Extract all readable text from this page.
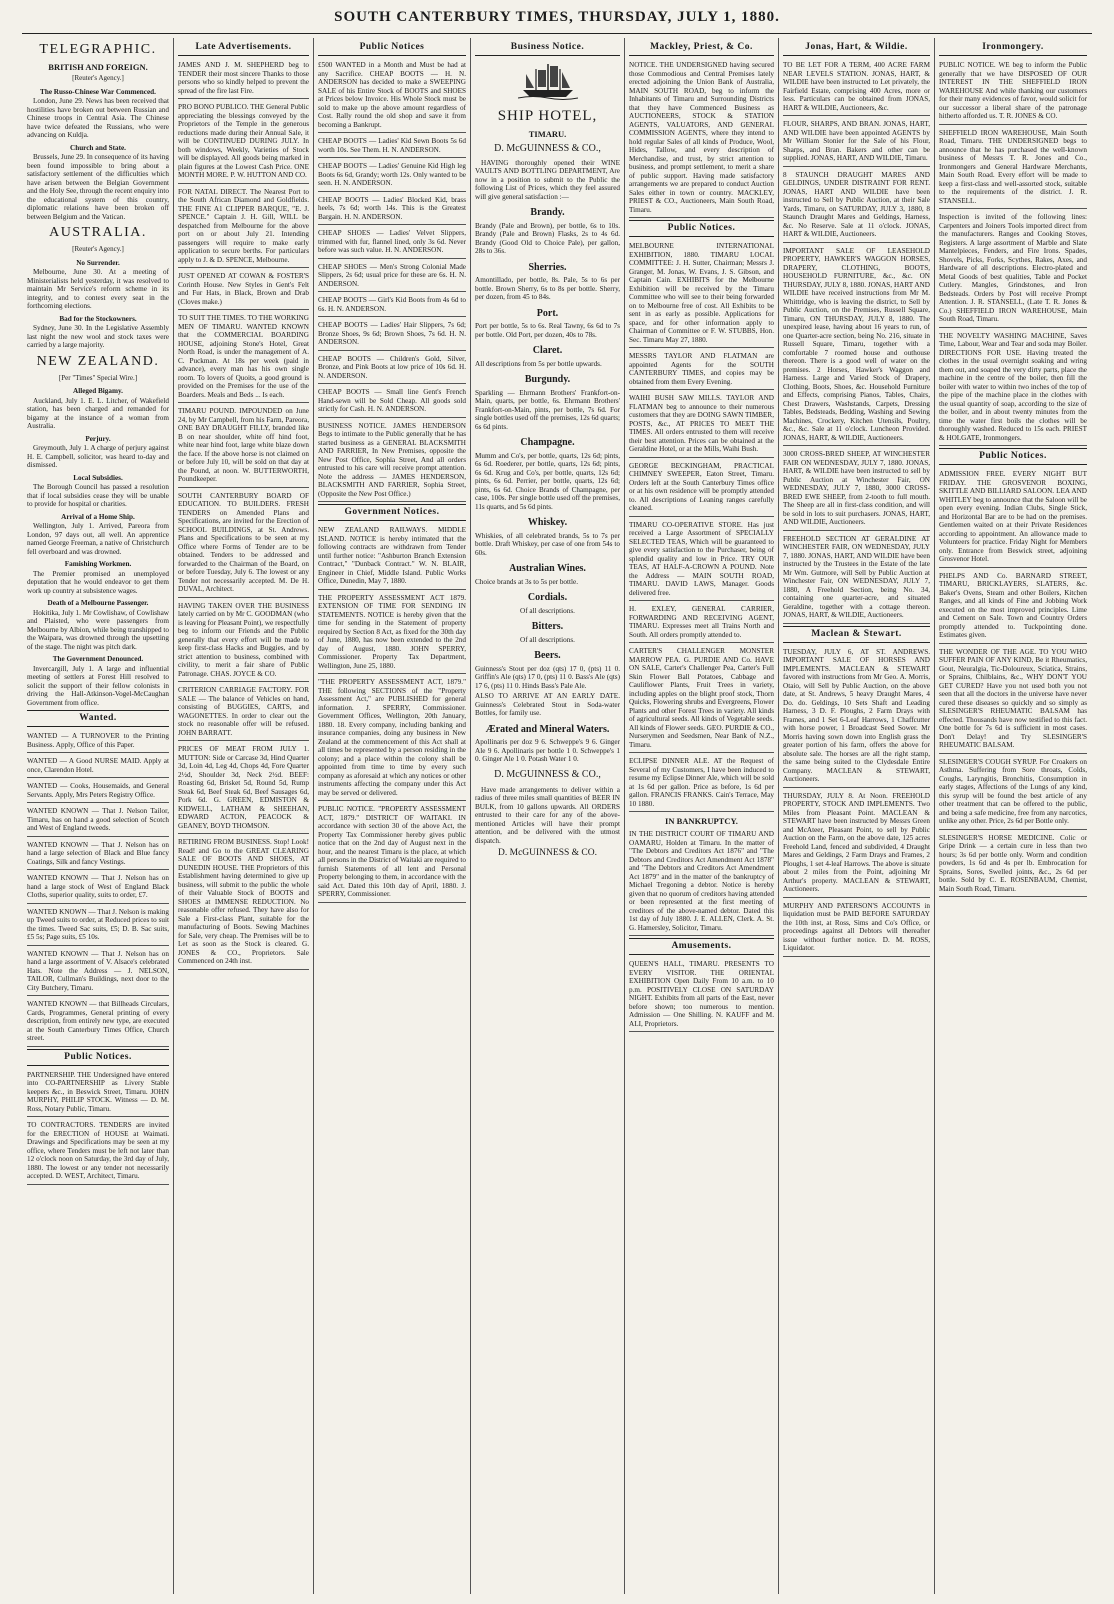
SOUTH CANTERBURY TIMES, THURSDAY, JULY 1, 1880.
TELEGRAPHIC.
BRITISH AND FOREIGN.
[Reuter's Agency.]
The Russo-Chinese War Commenced.

London, June 29. News has been received that hostilities have broken out between Russian and Chinese troops in Central Asia. The Chinese have twice defeated the Russians, who were advancing on Kuldja.

Church and State.

Brussels, June 29. In consequence of its having been found impossible to bring about a satisfactory settlement of the difficulties which have arisen between the Belgian Government and the Holy See, through the recent enquiry into the educational system of this country, diplomatic relations have been broken off between Belgium and the Vatican.

AUSTRALIA.
[Reuter's Agency.]
No Surrender.

Melbourne, June 30. At a meeting of Ministerialists held yesterday, it was resolved to maintain Mr Service's reform scheme in its integrity, and to contest every seat in the forthcoming elections.

Bad for the Stockowners.

Sydney, June 30. In the Legislative Assembly last night the new wool and stock taxes were carried by a large majority.

NEW ZEALAND.
[Per "Times" Special Wire.]
Alleged Bigamy.

Auckland, July 1. E. L. Litcher, of Wakefield station, has been charged and remanded for bigamy at the instance of a woman from Australia.

Perjury.

Greymouth, July 1. A charge of perjury against H. E. Campbell, solicitor, was heard to-day and dismissed.

Local Subsidies.

The Borough Council has passed a resolution that if local subsidies cease they will be unable to provide for hospital or charities.

Arrival of a Home Ship.

Wellington, July 1. Arrived, Pareora from London, 97 days out, all well. An apprentice named George Freeman, a native of Christchurch fell overboard and was drowned.

Famishing Workmen.

The Premier promised an unemployed deputation that he would endeavor to get them work up country at subsistence wages.

Death of a Melbourne Passenger.

Hokitika, July 1. Mr Cowlishaw, of Cowlishaw and Plaisted, who were passengers from Melbourne by Albion, while being transhipped to the Waipara, was drowned through the upsetting of the stage. The night was pitch dark.

The Government Denounced.

Invercargill, July 1. A large and influential meeting of settlers at Forest Hill resolved to solicit the support of their fellow colonists in driving the Hall-Atkinson-Vogel-McCaughan Government from office.

Wanted.
WANTED — A TURNOVER to the Printing Business. Apply, Office of this Paper.
WANTED — A Good NURSE MAID. Apply at once, Clarendon Hotel.
WANTED — Cooks, Housemaids, and General Servants. Apply, Mrs Peters Registry Office.
WANTED KNOWN — That J. Nelson Tailor, Timaru, has on hand a good selection of Scotch and West of England tweeds.
WANTED KNOWN — That J. Nelson has on hand a large selection of Black and Blue fancy Coatings, Silk and fancy Vestings.
WANTED KNOWN — That J. Nelson has on hand a large stock of West of England Black Cloths, superior quality, suits to order, £7.
WANTED KNOWN — That J. Nelson is making up Tweed suits to order, at Reduced prices to suit the times. Tweed Sac suits, £5; D. B. Sac suits, £5 5s; Page suits, £5 10s.
WANTED KNOWN — That J. Nelson has on hand a large assortment of V. Alsace's celebrated Hats. Note the Address — J. NELSON, TAILOR, Cullman's Buildings, next door to the City Butchery, Timaru.
WANTED KNOWN — that Billheads Circulars, Cards, Programmes, General printing of every description, from entirely new type, are executed at the South Canterbury Times Office, Church street.
Public Notices.
PARTNERSHIP. THE Undersigned have entered into CO-PARTNERSHIP as Livery Stable keepers &c., in Beswick Street, Timaru. JOHN MURPHY, PHILIP STOCK. Witness — D. M. Ross, Notary Public, Timaru.
TO CONTRACTORS. TENDERS are invited for the ERECTION of HOUSE at Waimati. Drawings and Specifications may be seen at my office, where Tenders must be left not later than 12 o'clock noon on Saturday, the 3rd day of July, 1880. The lowest or any tender not necessarily accepted. D. WEST, Architect, Timaru.
Late Advertisements.
JAMES AND J. M. SHEPHERD beg to TENDER their most sincere Thanks to those persons who so kindly helped to prevent the spread of the fire last Fire.
PRO BONO PUBLICO. THE General Public appreciating the blessings conveyed by the Proprietors of the Temple in the generous reductions made during their Annual Sale, it will be CONTINUED DURING JULY. In both windows, Weekly, Varieties of Stock will be displayed. All goods being marked in plain figures at the Lowest Cash Price. ONE MONTH MORE. P. W. HUTTON AND CO.
FOR NATAL DIRECT. The Nearest Port to the South African Diamond and Goldfields. THE FINE A1 CLIPPER BARQUE, "E. J. SPENCE." Captain J. H. Gill, WILL be despatched from Melbourne for the above port on or about July 21. Intending passengers will require to make early application to secure berths. For particulars apply to J. & D. SPENCE, Melbourne.
JUST OPENED AT COWAN & FOSTER'S Corinth House. New Styles in Gent's Felt and Fur Hats, in Black, Brown and Drab (Cloves make.)
TO SUIT THE TIMES. TO THE WORKING MEN OF TIMARU. WANTED KNOWN that the COMMERCIAL BOARDING HOUSE, adjoining Stone's Hotel, Great North Road, is under the management of A. C. Puckman. At 18s per week (paid in advance), every man has his own single room. To lovers of Quoits, a good ground is provided on the Premises for the use of the Boarders. Meals and Beds ... Is each.
TIMARU POUND. IMPOUNDED on June 24, by Mr Campbell, from his Farm, Pareora, ONE BAY DRAUGHT FILLY, branded like B on near shoulder, white off hind foot, white near hind foot, large white blaze down the face. If the above horse is not claimed on or before July 10, will be sold on that day at the Pound, at noon. W. BUTTERWORTH, Poundkeeper.
SOUTH CANTERBURY BOARD OF EDUCATION. TO BUILDERS. FRESH TENDERS on Amended Plans and Specifications, are invited for the Erection of SCHOOL BUILDINGS, at St. Andrews. Plans and Specifications to be seen at my Office where Forms of Tender are to be obtained. Tenders to be addressed and forwarded to the Chairman of the Board, on or before Tuesday, July 6. The lowest or any Tender not necessarily accepted. M. De H. DUVAL, Architect.
HAVING TAKEN OVER THE BUSINESS lately carried on by Mr C. GOODMAN (who is leaving for Pleasant Point), we respectfully beg to inform our Friends and the Public generally that every effort will be made to keep first-class Hacks and Buggies, and by strict attention to business, combined with civility, to merit a fair share of Public Patronage. CHAS. JOYCE & CO.
CRITERION CARRIAGE FACTORY. FOR SALE — The balance of Vehicles on hand, consisting of BUGGIES, CARTS, and WAGONETTES. In order to clear out the stock no reasonable offer will be refused. JOHN BARRATT.
PRICES OF MEAT FROM JULY 1. MUTTON: Side or Carcase 3d, Hind Quarter 3d, Loin 4d, Leg 4d, Chops 4d, Fore Quarter 2½d, Shoulder 3d, Neck 2½d. BEEF: Roasting 6d, Brisket 5d, Round 5d, Rump Steak 6d, Beef Steak 6d, Beef Sausages 6d, Pork 6d. G. GREEN, EDMISTON & KIDWELL, LATHAM & SHEEHAN, EDWARD ACTON, PEACOCK & GEANEY, BOYD THOMSON.
RETIRING FROM BUSINESS. Stop! Look! Read! and Go to the GREAT CLEARING SALE OF BOOTS AND SHOES, AT DUNEDIN HOUSE. THE Proprietors of this Establishment having determined to give up business, will submit to the public the whole of their Valuable Stock of BOOTS and SHOES at IMMENSE REDUCTION. No reasonable offer refused. They have also for Sale a First-class Plant, suitable for the manufacturing of Boots. Sewing Machines for Sale, very cheap. The Premises will be to Let as soon as the Stock is cleared. G. JONES & CO., Proprietors. Sale Commenced on 24th inst.
Public Notices
£500 WANTED in a Month and Must be had at any Sacrifice. CHEAP BOOTS — H. N. ANDERSON has decided to make a SWEEPING SALE of his Entire Stock of BOOTS and SHOES at Prices below Invoice. His Whole Stock must be sold to make up the above amount regardless of Cost. Rally round the old shop and save it from becoming a Bankrupt.
CHEAP BOOTS — Ladies' Kid Sewn Boots 5s 6d worth 10s. See Them. H. N. ANDERSON.
CHEAP BOOTS — Ladies' Genuine Kid High leg Boots 6s 6d, Grandy; worth 12s. Only wanted to be seen. H. N. ANDERSON.
CHEAP BOOTS — Ladies' Blocked Kid, brass heels, 7s 6d; worth 14s. This is the Greatest Bargain. H. N. ANDERSON.
CHEAP SHOES — Ladies' Velvet Slippers, trimmed with fur, flannel lined, only 3s 6d. Never before was such value. H. N. ANDERSON.
CHEAP SHOES — Men's Strong Colonial Made Slippers, 2s 6d; usual price for these are 6s. H. N. ANDERSON.
CHEAP BOOTS — Girl's Kid Boots from 4s 6d to 6s. H. N. ANDERSON.
CHEAP BOOTS — Ladies' Hair Slippers, 7s 6d; Bronze Shoes, 9s 6d; Brown Shoes, 7s 6d. H. N. ANDERSON.
CHEAP BOOTS — Children's Gold, Silver, Bronze, and Pink Boots at low price of 10s 6d. H. N. ANDERSON.
CHEAP BOOTS — Small line Gent's French Hand-sewn will be Sold Cheap. All goods sold strictly for Cash. H. N. ANDERSON.
BUSINESS NOTICE. JAMES HENDERSON Begs to intimate to the Public generally that he has started business as a GENERAL BLACKSMITH AND FARRIER, In New Premises, opposite the New Post Office, Sophia Street, And all orders entrusted to his care will receive prompt attention. Note the address — JAMES HENDERSON, BLACKSMITH AND FARRIER, Sophia Street, (Opposite the New Post Office.)
Government Notices.
NEW ZEALAND RAILWAYS. MIDDLE ISLAND. NOTICE is hereby intimated that the following contracts are withdrawn from Tender until further notice: "Ashburton Branch Extension Contract," "Dunback Contract." W. N. BLAIR, Engineer in Chief, Middle Island. Public Works Office, Dunedin, May 7, 1880.
THE PROPERTY ASSESSMENT ACT 1879. EXTENSION OF TIME FOR SENDING IN STATEMENTS. NOTICE is hereby given that the time for sending in the Statement of property required by Section 8 Act, as fixed for the 30th day of June, 1880, has now been extended to the 2nd day of August, 1880. JOHN SPERRY, Commissioner. Property Tax Department, Wellington, June 25, 1880.
"THE PROPERTY ASSESSMENT ACT, 1879." THE following SECTIONS of the "Property Assessment Act," are PUBLISHED for general information. J. SPERRY, Commissioner. Government Offices, Wellington, 20th January, 1880. 18. Every company, including banking and insurance companies, doing any business in New Zealand at the commencement of this Act shall at all times be represented by a person residing in the colony; and a place within the colony shall be appointed from time to time by every such company as aforesaid at which any notices or other instruments affecting the company under this Act may be served or delivered.
PUBLIC NOTICE. "PROPERTY ASSESSMENT ACT, 1879." DISTRICT OF WAITAKI. IN accordance with section 30 of the above Act, the Property Tax Commissioner hereby gives public notice that on the 2nd day of August next in the hour, and the nearest Timaru is the place, at which all persons in the District of Waitaki are required to furnish Statements of all lent and Personal Property belonging to them, in accordance with the said Act. Dated this 10th day of April, 1880. J. SPERRY, Commissioner.
Business Notice.
SHIP HOTEL,
TIMARU.
D. McGUINNESS & CO.,

HAVING thoroughly opened their WINE VAULTS AND BOTTLING DEPARTMENT, Are now in a position to submit to the Public the following List of Prices, which they feel assured will give general satisfaction :—

Brandy.

Brandy (Pale and Brown), per bottle, 6s to 10s. Brandy (Pale and Brown) Flasks, 2s to 4s 6d. Brandy (Good Old to Choice Pale), per gallon, 28s to 36s.

Sherries.

Amontillado, per bottle, 8s. Pale, 5s to 6s per bottle. Brown Sherry, 6s to 8s per bottle. Sherry, per dozen, from 45 to 84s.

Port.

Port per bottle, 5s to 6s. Real Tawny, 6s 6d to 7s per bottle. Old Port, per dozen, 40s to 78s.

Claret.

All descriptions from 5s per bottle upwards.

Burgundy.

Sparkling — Ehrmann Brothers' Frankfort-on-Main, quarts, per bottle, 6s. Ehrmann Brothers' Frankfort-on-Main, pints, per bottle, 7s 6d. For single bottles used off the premises, 12s 6d quarts; 6s 6d pints.

Champagne.

Mumm and Co's, per bottle, quarts, 12s 6d; pints, 6s 6d. Roederer, per bottle, quarts, 12s 6d; pints, 6s 6d. Krug and Co's, per bottle, quarts, 12s 6d; pints, 6s 6d. Perrier, per bottle, quarts, 12s 6d; pints, 6s 6d. Choice Brands of Champagne, per case, 100s. Per single bottle used off the premises, 11s quarts, and 5s 6d pints.

Whiskey.

Whiskies, of all celebrated brands, 5s to 7s per bottle. Draft Whiskey, per case of one from 54s to 60s.

Australian Wines.

Choice brands at 3s to 5s per bottle.

Cordials.

Of all descriptions.

Bitters.

Of all descriptions.

Beers.

Guinness's Stout per doz (qts) 17 0, (pts) 11 0. Griffin's Ale (qts) 17 0, (pts) 11 0. Bass's Ale (qts) 17 6, (pts) 11 0. Hinds Bass's Pale Ale.

ALSO TO ARRIVE AT AN EARLY DATE. Guinness's Celebrated Stout in Soda-water Bottles, for family use.

Ærated and Mineral Waters.

Apollinaris per doz 9 6. Schweppe's 9 6. Ginger Ale 9 6. Apollinaris per bottle 1 0. Schweppe's 1 0. Ginger Ale 1 0. Potash Water 1 0.

D. McGUINNESS & CO.,

Have made arrangements to deliver within a radius of three miles small quantities of BEER IN BULK, from 10 gallons upwards. All ORDERS entrusted to their care for any of the above-mentioned Articles will have their prompt attention, and be delivered with the utmost dispatch.

D. McGUINNESS & CO.
Mackley, Priest, & Co.
NOTICE. THE UNDERSIGNED having secured those Commodious and Central Premises lately erected adjoining the Union Bank of Australia, MAIN SOUTH ROAD, beg to inform the Inhabitants of Timaru and Surrounding Districts that they have Commenced Business as AUCTIONEERS, STOCK & STATION AGENTS, VALUATORS, AND GENERAL COMMISSION AGENTS, where they intend to hold regular Sales of all kinds of Produce, Wool, Hides, Tallow, and every description of Merchandise, and trust, by strict attention to business, and prompt settlement, to merit a share of public support. Having made satisfactory arrangements we are prepared to conduct Auction Sales either in town or country. MACKLEY, PRIEST & CO., Auctioneers, Main South Road, Timaru.
Public Notices.
MELBOURNE INTERNATIONAL EXHIBITION, 1880. TIMARU LOCAL COMMITTEE: J. H. Sutter, Chairman; Messrs J. Granger, M. Jonas, W. Evans, J. S. Gibson, and Captain Cain. EXHIBITS for the Melbourne Exhibition will be received by the Timaru Committee who will see to their being forwarded on to Melbourne free of cost. All Exhibits to be sent in as early as possible. Applications for space, and for other information apply to Chairman of Committee or F. W. STUBBS, Hon. Sec. Timaru May 27, 1880.
MESSRS TAYLOR AND FLATMAN are appointed Agents for the SOUTH CANTERBURY TIMES, and copies may be obtained from them Every Evening.
WAIHI BUSH SAW MILLS. TAYLOR AND FLATMAN beg to announce to their numerous customers that they are DOING SAWN TIMBER, POSTS, &c., AT PRICES TO MEET THE TIMES. All orders entrusted to them will receive their best attention. Prices can be obtained at the Geraldine Hotel, or at the Mills, Waihi Bush.
GEORGE BECKINGHAM, PRACTICAL CHIMNEY SWEEPER, Eaton Street, Timaru. Orders left at the South Canterbury Times office or at his own residence will be promptly attended to. All descriptions of Leaning ranges carefully cleaned.
TIMARU CO-OPERATIVE STORE. Has just received a Large Assortment of SPECIALLY SELECTED TEAS, Which will be guaranteed to give every satisfaction to the Purchaser, being of splendid quality and low in Price. TRY OUR TEAS, AT HALF-A-CROWN A POUND. Note the Address — MAIN SOUTH ROAD, TIMARU. DAVID LAWS, Manager. Goods delivered free.
H. EXLEY, GENERAL CARRIER, FORWARDING AND RECEIVING AGENT, TIMARU. Expresses meet all Trains North and South. All orders promptly attended to.
CARTER'S CHALLENGER MONSTER MARROW PEA. G. PURDIE AND Co. HAVE ON SALE, Carter's Challenger Pea, Carter's Full Skin Flower Ball Potatoes, Cabbage and Cauliflower Plants, Fruit Trees in variety, including apples on the blight proof stock, Thorn Quicks, Flowering shrubs and Evergreens, Flower Plants and other Forest Trees in variety. All kinds of agricultural seeds. All kinds of Vegetable seeds. All kinds of Flower seeds. GEO. PURDIE & CO., Nurserymen and Seedsmen, Near Bank of N.Z., Timaru.
ECLIPSE DINNER ALE. AT the Request of Several of my Customers, I have been induced to resume my Eclipse Dinner Ale, which will be sold at 1s 6d per gallon. Price as before, 1s 6d per gallon. FRANCIS FRANKS. Cain's Terrace, May 10 1880.
IN BANKRUPTCY.
IN THE DISTRICT COURT OF TIMARU AND OAMARU, Holden at Timaru. In the matter of "The Debtors and Creditors Act 1876" and "The Debtors and Creditors Act Amendment Act 1878" and "The Debtors and Creditors Act Amendment Act 1879" and in the matter of the bankruptcy of Michael Tregoning a debtor. Notice is hereby given that no quorum of creditors having attended or been represented at the first meeting of creditors of the above-named debtor. Dated this 1st day of July 1880. J. E. ALLEN, Clerk. A. St. G. Hamersley, Solicitor, Timaru.
Amusements.
QUEEN'S HALL, TIMARU. PRESENTS TO EVERY VISITOR. THE ORIENTAL EXHIBITION Open Daily From 10 a.m. to 10 p.m. POSITIVELY CLOSE ON SATURDAY NIGHT. Exhibits from all parts of the East, never before shown; too numerous to mention. Admission — One Shilling. N. KAUFF and M. ALI, Proprietors.
Jonas, Hart, & Wildie.
TO BE LET FOR A TERM, 400 ACRE FARM NEAR LEVELS STATION. JONAS, HART, & WILDIE have been instructed to Let privately, the Fairfield Estate, comprising 400 Acres, more or less. Particulars can be obtained from JONAS, HART & WILDIE, Auctioneers, &c.
FLOUR, SHARPS, AND BRAN. JONAS, HART, AND WILDIE have been appointed AGENTS by Mr William Stonier for the Sale of his Flour, Sharps, and Bran. Bakers and other can be supplied. JONAS, HART, AND WILDIE, Timaru.
8 STAUNCH DRAUGHT MARES AND GELDINGS, UNDER DISTRAINT FOR RENT. JONAS, HART AND WILDIE have been instructed to Sell by Public Auction, at their Sale Yards, Timaru, on SATURDAY, JULY 3, 1880, 8 Staunch Draught Mares and Geldings, Harness, &c. No Reserve. Sale at 11 o'clock. JONAS, HART & WILDIE, Auctioneers.
IMPORTANT SALE OF LEASEHOLD PROPERTY, HAWKER'S WAGGON HORSES, DRAPERY, CLOTHING, BOOTS, HOUSEHOLD FURNITURE, &c., &c. ON THURSDAY, JULY 8, 1880. JONAS, HART AND WILDIE have received instructions from Mr M. Whittridge, who is leaving the district, to Sell by Public Auction, on the Premises, Russell Square, Timaru, ON THURSDAY, JULY 8, 1880. The unexpired lease, having about 16 years to run, of one Quarter-acre section, being No. 216, situate in Russell Square, Timaru, together with a comfortable 7 roomed house and outhouse thereon. There is a good well of water on the premises. 2 Horses, Hawker's Waggon and Harness. Large and Varied Stock of Drapery, Clothing, Boots, Shoes, &c. Household Furniture and Effects, comprising Pianos, Tables, Chairs, Chest Drawers, Washstands, Carpets, Dressing Tables, Bedsteads, Bedding, Washing and Sewing Machines, Crockery, Kitchen Utensils, Poultry, &c., &c. Sale at 11 o'clock. Luncheon Provided. JONAS, HART, & WILDIE, Auctioneers.
3000 CROSS-BRED SHEEP, AT WINCHESTER FAIR ON WEDNESDAY, JULY 7, 1880. JONAS, HART, & WILDIE have been instructed to sell by Public Auction at Winchester Fair, ON WEDNESDAY, JULY 7, 1880, 3000 CROSS-BRED EWE SHEEP, from 2-tooth to full mouth. The Sheep are all in first-class condition, and will be sold in lots to suit purchasers. JONAS, HART, AND WILDIE, Auctioneers.
FREEHOLD SECTION AT GERALDINE AT WINCHESTER FAIR, ON WEDNESDAY, JULY 7, 1880. JONAS, HART, AND WILDIE have been instructed by the Trustees in the Estate of the late Mr Wm. Gutmore, will Sell by Public Auction at Winchester Fair, ON WEDNESDAY, JULY 7, 1880, A Freehold Section, being No. 34, containing one quarter-acre, and situated Geraldine, together with a cottage thereon. JONAS, HART, & WILDIE, Auctioneers.
Maclean & Stewart.
TUESDAY, JULY 6, AT ST. ANDREWS. IMPORTANT SALE OF HORSES AND IMPLEMENTS. MACLEAN & STEWART favored with instructions from Mr Geo. A. Morris, Otaio, will Sell by Public Auction, on the above date, at St. Andrews, 5 heavy Draught Mares, 4 Do. do. Geldings, 10 Sets Shaft and Leading Harness, 3 D. F. Ploughs, 2 Farm Drays with Frames, and 1 Set 6-Leaf Harrows, 1 Chaffcutter with horse power, 1 Broadcast Seed Sower. Mr Morris having sown down into English grass the greater portion of his farm, offers the above for absolute sale. The horses are all the right stamp, the same being suited to the Clydesdale Entire Company. MACLEAN & STEWART, Auctioneers.
THURSDAY, JULY 8. At Noon. FREEHOLD PROPERTY, STOCK AND IMPLEMENTS. Two Miles from Pleasant Point. MACLEAN & STEWART have been instructed by Messrs Green and McAteer, Pleasant Point, to sell by Public Auction on the Farm, on the above date, 125 acres Freehold Land, fenced and subdivided, 4 Draught Mares and Geldings, 2 Farm Drays and Frames, 2 Ploughs, 1 set 4-leaf Harrows. The above is situate about 2 miles from the Point, adjoining Mr Arthur's property. MACLEAN & STEWART, Auctioneers.
MURPHY AND PATERSON'S ACCOUNTS in liquidation must be PAID BEFORE SATURDAY the 10th inst, at Ross, Sims and Co's Office, or proceedings against all Debtors will thereafter issue without further notice. D. M. ROSS, Liquidator.
Ironmongery.
PUBLIC NOTICE. WE beg to inform the Public generally that we have DISPOSED OF OUR INTEREST IN THE SHEFFIELD IRON WAREHOUSE And while thanking our customers for their many evidences of favor, would solicit for our successor a liberal share of the patronage hitherto afforded us. T. R. JONES & CO.
SHEFFIELD IRON WAREHOUSE, Main South Road, Timaru. THE UNDERSIGNED begs to announce that he has purchased the well-known business of Messrs T. R. Jones and Co., Ironmongers and General Hardware Merchants, Main South Road. Every effort will be made to keep a first-class and well-assorted stock, suitable to the requirements of the district. J. R. STANSELL.
Inspection is invited of the following lines: Carpenters and Joiners Tools imported direct from the manufacturers. Ranges and Cooking Stoves, Registers. A large assortment of Marble and Slate Mantelpieces, Fenders, and Fire Irons. Spades, Shovels, Picks, Forks, Scythes, Rakes, Axes, and Hardware of all descriptions. Electro-plated and Metal Goods of best qualities, Table and Pocket Cutlery. Mangles, Grindstones, and Iron Bedsteads. Orders by Post will receive Prompt Attention. J. R. STANSELL, (Late T. R. Jones & Co.) SHEFFIELD IRON WAREHOUSE, Main South Road, Timaru.
THE NOVELTY WASHING MACHINE, Saves Time, Labour, Wear and Tear and soda may Boiler. DIRECTIONS FOR USE. Having treated the clothes in the usual overnight soaking and wring them out, and soaped the very dirty parts, place the machine in the centre of the boiler, then fill the boiler with water to within two inches of the top of the pipe of the machine place in the clothes with the usual quantity of soap, according to the size of the boiler, and in about twenty minutes from the time the water first boils the clothes will be thoroughly washed. Reduced to 15s each. PRIEST & HOLGATE, Ironmongers.
Public Notices.
ADMISSION FREE. EVERY NIGHT BUT FRIDAY. THE GROSVENOR BOXING, SKITTLE AND BILLIARD SALOON. LEA AND WHITLEY beg to announce that the Saloon will be open every evening. Indian Clubs, Single Stick, and Horizontal Bar are to be had on the premises. Gentlemen waited on at their Private Residences according to appointment. An allowance made to Volunteers for practice. Friday Night for Members only. Entrance from Beswick street, adjoining Grosvenor Hotel.
PHELPS AND Co. BARNARD STREET, TIMARU, BRICKLAYERS, SLATERS, &c. Baker's Ovens, Steam and other Boilers, Kitchen Ranges, and all kinds of Fine and Jobbing Work executed on the most improved principles. Lime and Cement on Sale. Town and Country Orders promptly attended to. Tuckpointing done. Estimates given.
THE WONDER OF THE AGE. TO YOU WHO SUFFER PAIN OF ANY KIND, Be it Rheumatics, Gout, Neuralgia, Tic-Doloureux, Sciatica, Strains, or Sprains, Chilblains, &c., WHY DON'T YOU GET CURED? Have you not used both you not seen that all the doctors in the universe have never cured these diseases so quickly and so simply as SLESINGER'S RHEUMATIC BALSAM has effected. Thousands have now testified to this fact. One bottle for 7s 6d is sufficient in most cases. Don't Delay! and Try SLESINGER'S RHEUMATIC BALSAM.
SLESINGER'S COUGH SYRUP. For Croakers on Asthma. Suffering from Sore throats, Colds, Coughs, Laryngitis, Bronchitis, Consumption in early stages, Affections of the Lungs of any kind, this syrup will be found the best article of any other treatment that can be offered to the public, and being a safe medicine, free from any narcotics, unlike any other. Price, 2s 6d per Bottle only.
SLESINGER'S HORSE MEDICINE. Colic or Gripe Drink — a certain cure in less than two hours; 3s 6d per bottle only. Worm and condition powders, 1s 6d and 4s per lb. Embrocation for Sprains, Sores, Swelled joints, &c., 2s 6d per bottle. Sold by C. E. ROSENBAUM, Chemist, Main South Road, Timaru.
